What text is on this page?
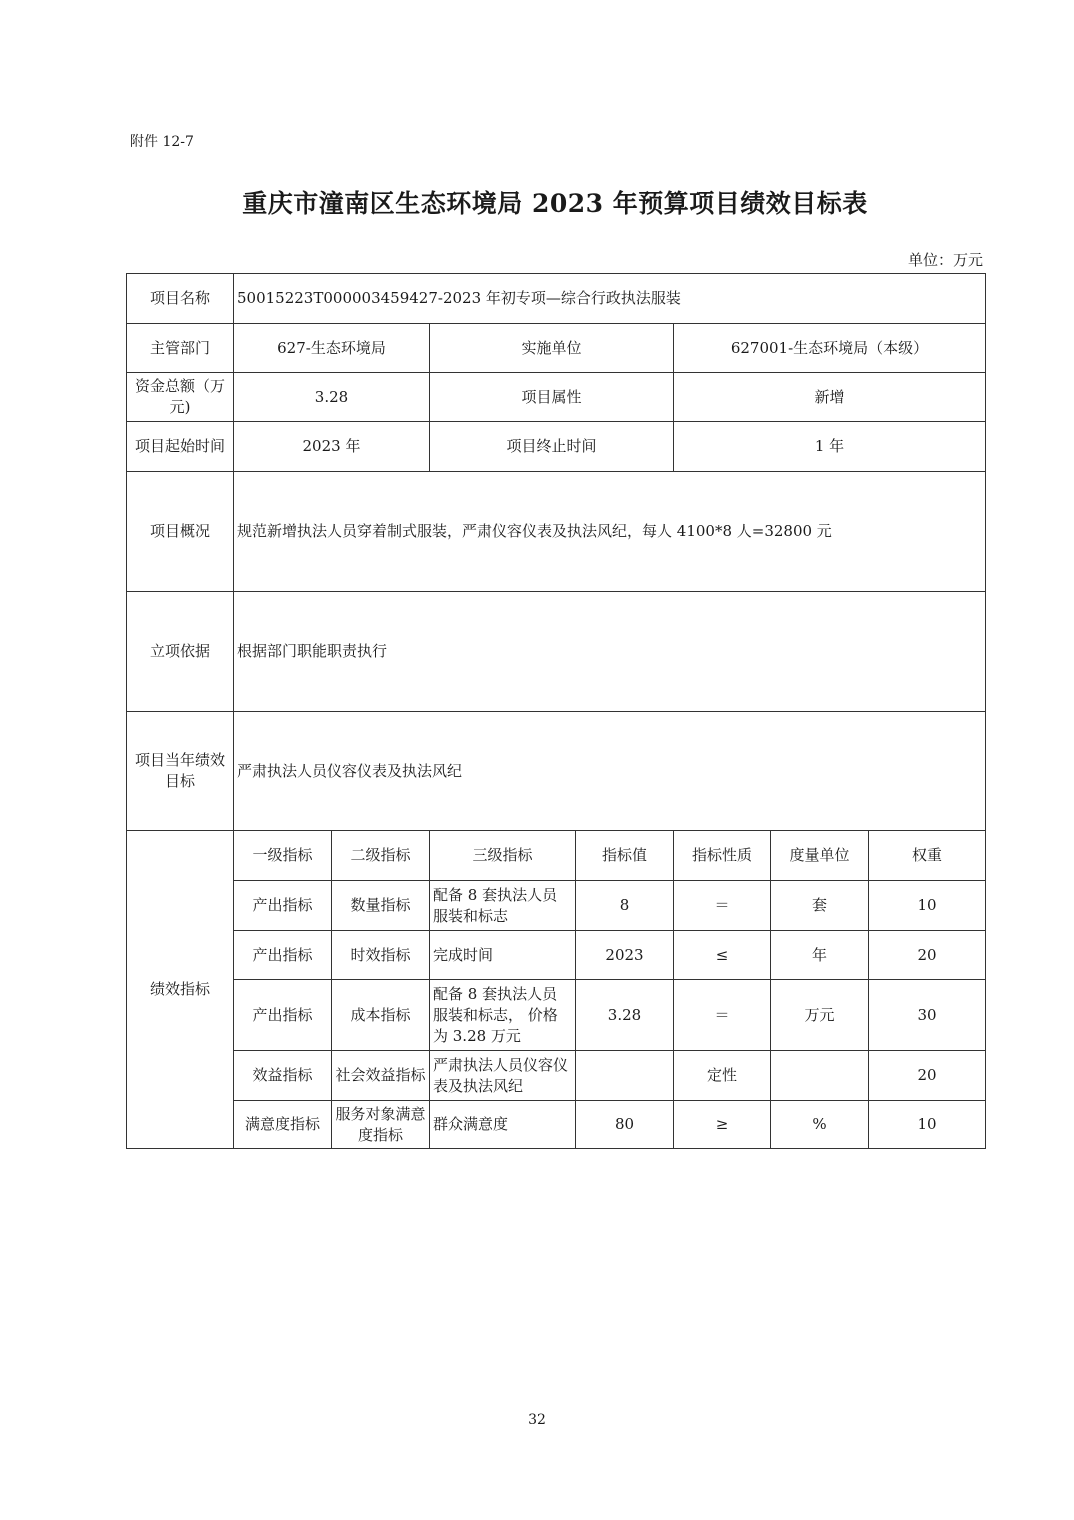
附件 12-7
重庆市潼南区生态环境局 2023 年预算项目绩效目标表
单位：万元
项目名称	50015223T000003459427-2023 年初专项—综合行政执法服装						
主管部门	627-生态环境局		实施单位		627001-生态环境局（本级）		
资金总额（万元)	3.28		项目属性		新增		
项目起始时间	2023 年		项目终止时间		1 年		
项目概况	规范新增执法人员穿着制式服装，严肃仪容仪表及执法风纪，每人 4100*8 人=32800 元						
立项依据	根据部门职能职责执行						
项目当年绩效目标	严肃执法人员仪容仪表及执法风纪						
绩效指标	一级指标	二级指标	三级指标	指标值	指标性质	度量单位	权重
	产出指标	数量指标	配备 8 套执法人员服装和标志	8	＝	套	10
	产出指标	时效指标	完成时间	2023	≤	年	20
	产出指标	成本指标	配备 8 套执法人员服装和标志， 价格为 3.28 万元	3.28	＝	万元	30
	效益指标	社会效益指标	严肃执法人员仪容仪表及执法风纪		定性		20
	满意度指标	服务对象满意度指标	群众满意度	80	≥	%	10
32
